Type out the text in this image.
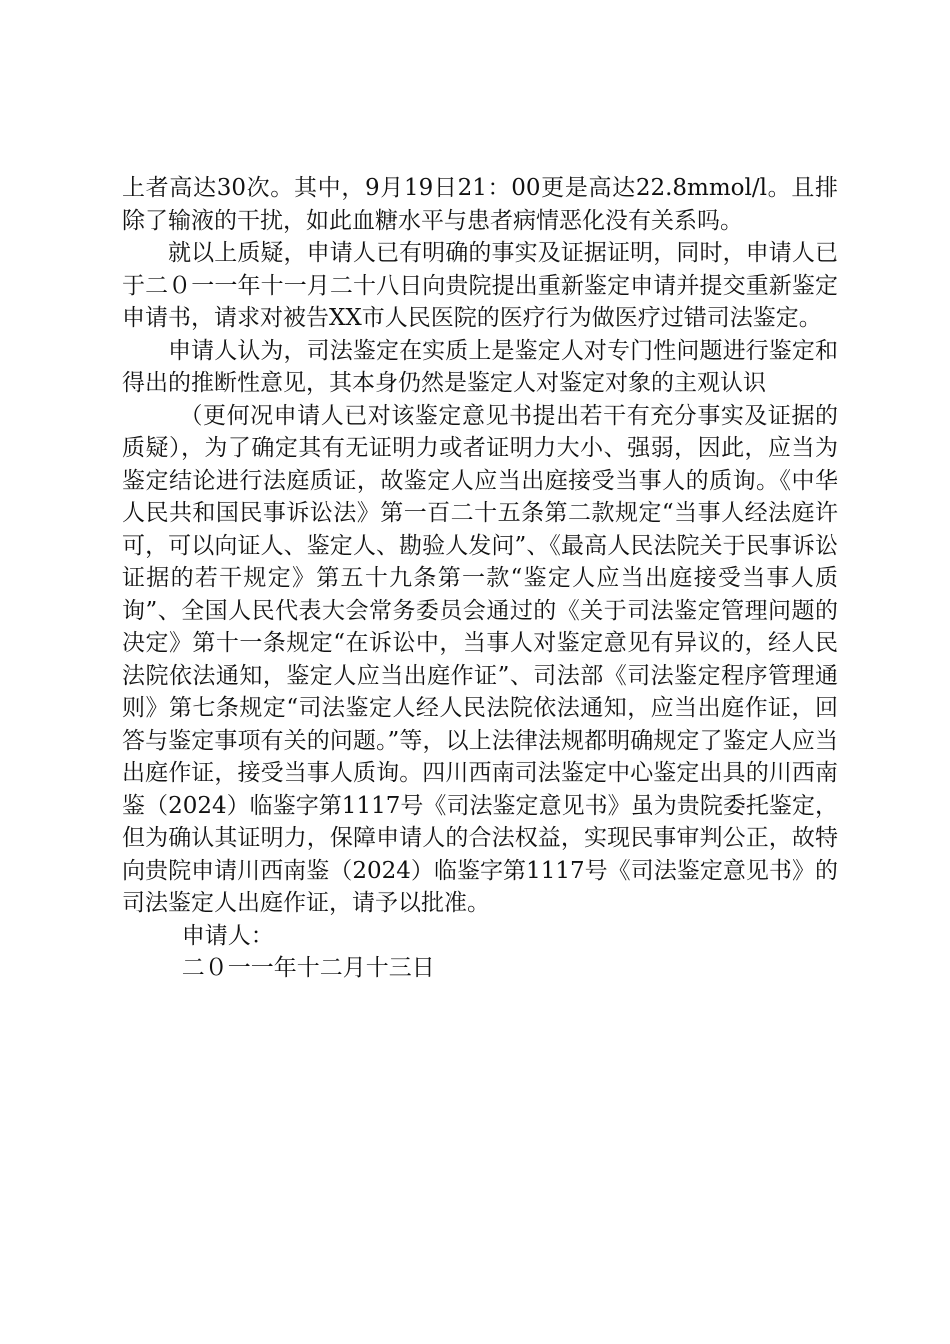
上者高达30次。其中，9月19日21：00更是高达22.8mmol/l。且排除了输液的干扰，如此血糖水平与患者病情恶化没有关系吗。

就以上质疑，申请人已有明确的事实及证据证明，同时，申请人已于二０一一年十一月二十八日向贵院提出重新鉴定申请并提交重新鉴定申请书，请求对被告XX市人民医院的医疗行为做医疗过错司法鉴定。

申请人认为，司法鉴定在实质上是鉴定人对专门性问题进行鉴定和得出的推断性意见，其本身仍然是鉴定人对鉴定对象的主观认识

（更何况申请人已对该鉴定意见书提出若干有充分事实及证据的质疑），为了确定其有无证明力或者证明力大小、强弱，因此，应当为鉴定结论进行法庭质证，故鉴定人应当出庭接受当事人的质询。《中华人民共和国民事诉讼法》第一百二十五条第二款规定“当事人经法庭许可，可以向证人、鉴定人、勘验人发问”、《最高人民法院关于民事诉讼证据的若干规定》第五十九条第一款“鉴定人应当出庭接受当事人质询”、全国人民代表大会常务委员会通过的《关于司法鉴定管理问题的决定》第十一条规定“在诉讼中，当事人对鉴定意见有异议的，经人民法院依法通知，鉴定人应当出庭作证”、司法部《司法鉴定程序管理通则》第七条规定“司法鉴定人经人民法院依法通知，应当出庭作证，回答与鉴定事项有关的问题。”等，以上法律法规都明确规定了鉴定人应当出庭作证，接受当事人质询。四川西南司法鉴定中心鉴定出具的川西南鉴（2024）临鉴字第1117号《司法鉴定意见书》虽为贵院委托鉴定，但为确认其证明力，保障申请人的合法权益，实现民事审判公正，故特向贵院申请川西南鉴（2024）临鉴字第1117号《司法鉴定意见书》的司法鉴定人出庭作证，请予以批准。

申请人：

二０一一年十二月十三日
